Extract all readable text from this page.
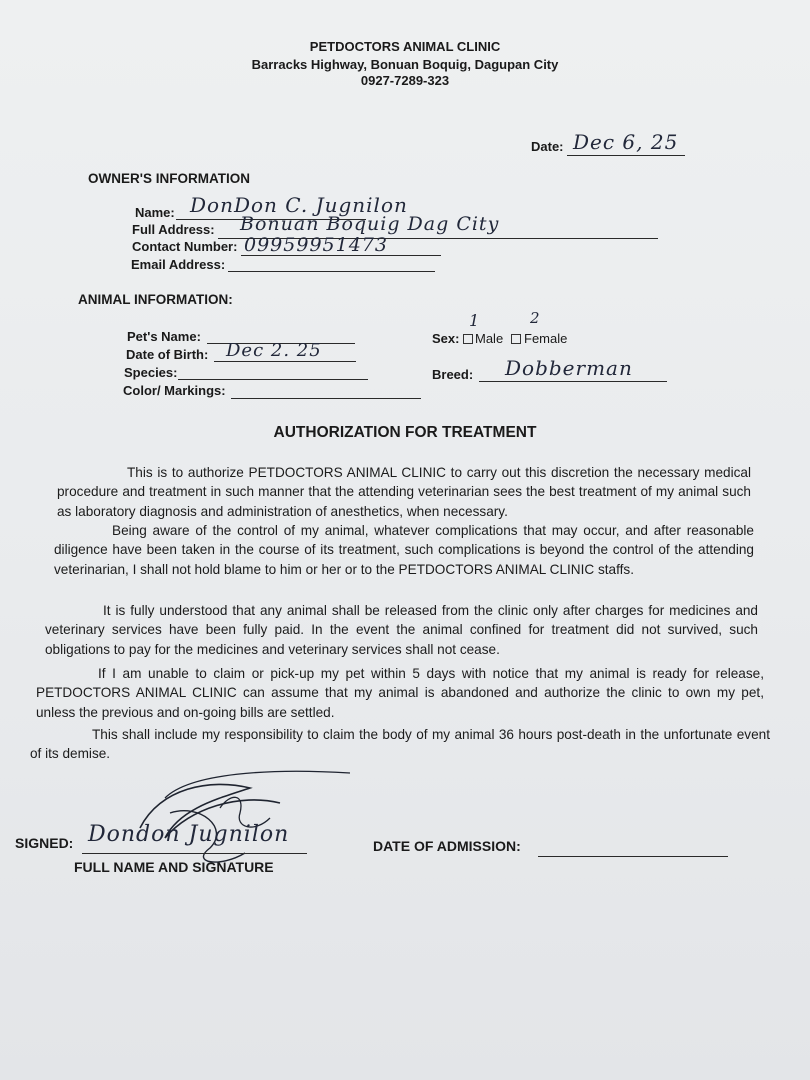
PETDOCTORS ANIMAL CLINIC
Barracks Highway, Bonuan Boquig, Dagupan City
0927-7289-323
Date: Dec 6, 25
OWNER'S INFORMATION
Name: DonDon C. Jugnilon
Full Address: Bonuan Boquig Dag City
Contact Number: 09959951473
Email Address:
ANIMAL INFORMATION:
Pet's Name:
Date of Birth: Dec 2. 25
Species:
Color/ Markings:
Sex: Male Female
1	2
Breed: Dobberman
AUTHORIZATION FOR TREATMENT

This is to authorize PETDOCTORS ANIMAL CLINIC to carry out this discretion the necessary medical procedure and treatment in such manner that the attending veterinarian sees the best treatment of my animal such as laboratory diagnosis and administration of anesthetics, when necessary.

Being aware of the control of my animal, whatever complications that may occur, and after reasonable diligence have been taken in the course of its treatment, such complications is beyond the control of the attending veterinarian, I shall not hold blame to him or her or to the PETDOCTORS ANIMAL CLINIC staffs.

It is fully understood that any animal shall be released from the clinic only after charges for medicines and veterinary services have been fully paid. In the event the animal confined for treatment did not survived, such obligations to pay for the medicines and veterinary services shall not cease.

If I am unable to claim or pick-up my pet within 5 days with notice that my animal is ready for release, PETDOCTORS ANIMAL CLINIC can assume that my animal is abandoned and authorize the clinic to own my pet, unless the previous and on-going bills are settled.

This shall include my responsibility to claim the body of my animal 36 hours post-death in the unfortunate event of its demise.

SIGNED: Dondon Jugnilon
FULL NAME AND SIGNATURE
DATE OF ADMISSION:
